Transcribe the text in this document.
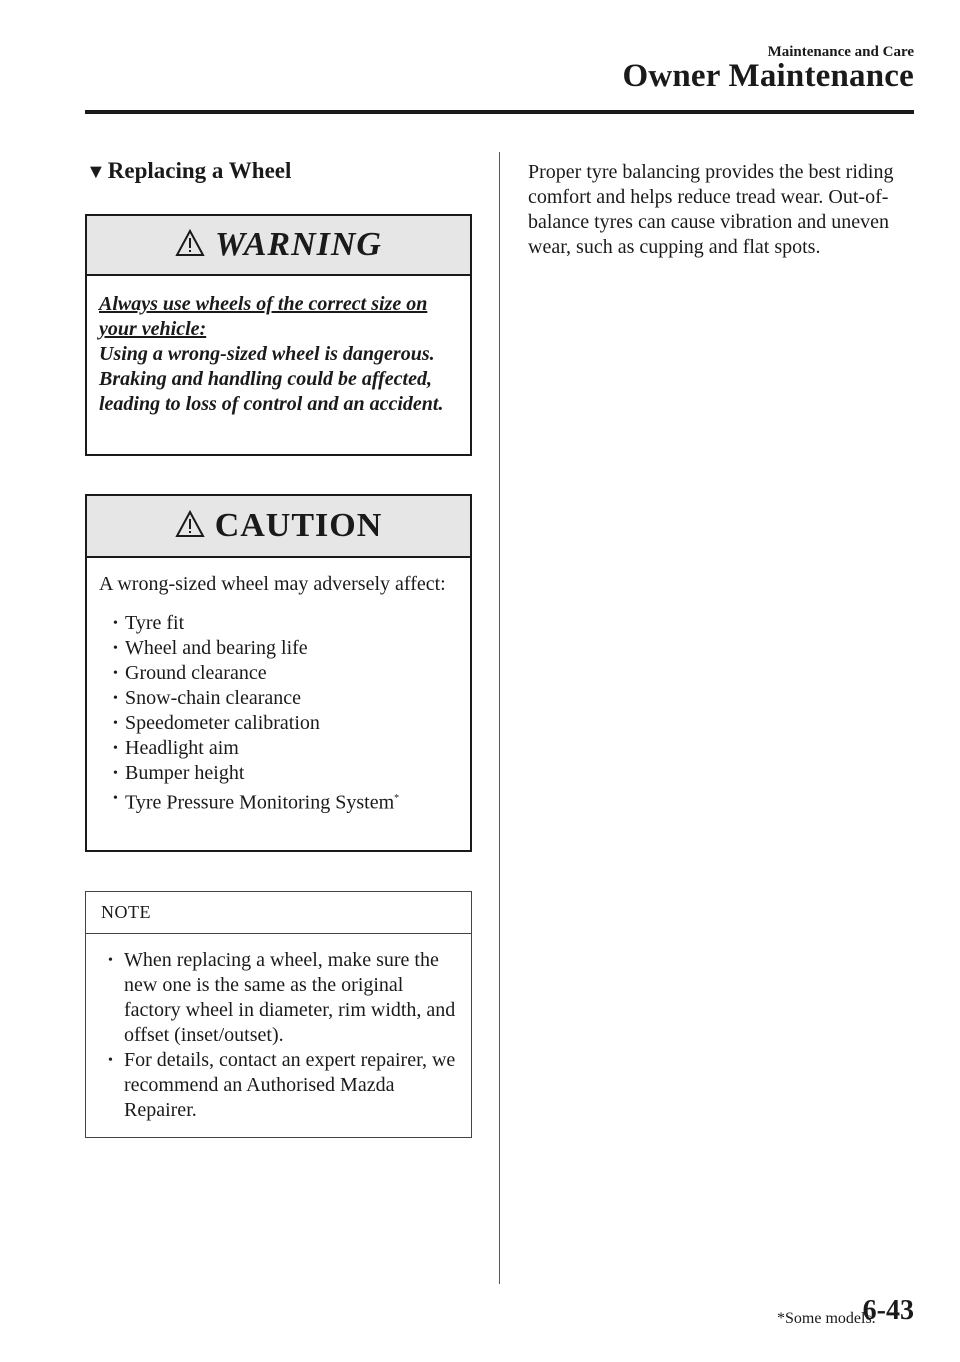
Maintenance and Care
Owner Maintenance
▼Replacing a Wheel
WARNING
Always use wheels of the correct size on your vehicle:
Using a wrong-sized wheel is dangerous. Braking and handling could be affected, leading to loss of control and an accident.
CAUTION
A wrong-sized wheel may adversely affect:
• Tyre fit
• Wheel and bearing life
• Ground clearance
• Snow-chain clearance
• Speedometer calibration
• Headlight aim
• Bumper height
• Tyre Pressure Monitoring System*
NOTE
• When replacing a wheel, make sure the new one is the same as the original factory wheel in diameter, rim width, and offset (inset/outset).
• For details, contact an expert repairer, we recommend an Authorised Mazda Repairer.
Proper tyre balancing provides the best riding comfort and helps reduce tread wear. Out-of-balance tyres can cause vibration and uneven wear, such as cupping and flat spots.
*Some models.
6-43
